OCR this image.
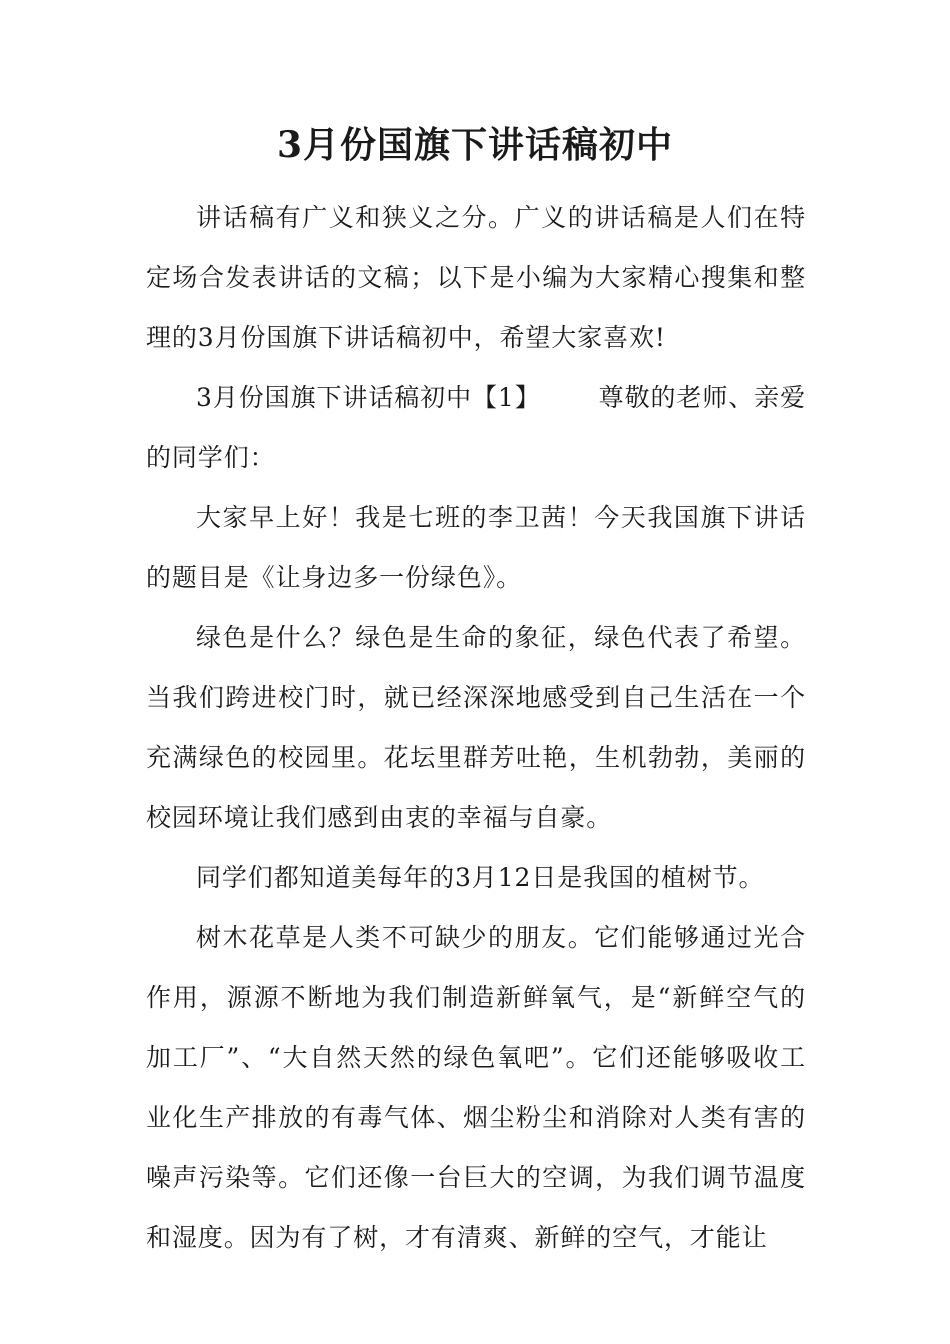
3月份国旗下讲话稿初中

讲话稿有广义和狭义之分。广义的讲话稿是人们在特定场合发表讲话的文稿；以下是小编为大家精心搜集和整理的3月份国旗下讲话稿初中，希望大家喜欢!

3月份国旗下讲话稿初中【1】 尊敬的老师、亲爱的同学们：

大家早上好！我是七班的李卫茜！今天我国旗下讲话的题目是《让身边多一份绿色》。

绿色是什么？绿色是生命的象征，绿色代表了希望。当我们跨进校门时，就已经深深地感受到自己生活在一个充满绿色的校园里。花坛里群芳吐艳，生机勃勃，美丽的校园环境让我们感到由衷的幸福与自豪。

同学们都知道美每年的3月12日是我国的植树节。

树木花草是人类不可缺少的朋友。它们能够通过光合作用，源源不断地为我们制造新鲜氧气，是“新鲜空气的加工厂”、“大自然天然的绿色氧吧”。它们还能够吸收工业化生产排放的有毒气体、烟尘粉尘和消除对人类有害的噪声污染等。它们还像一台巨大的空调，为我们调节温度和湿度。因为有了树，才有清爽、新鲜的空气，才能让
